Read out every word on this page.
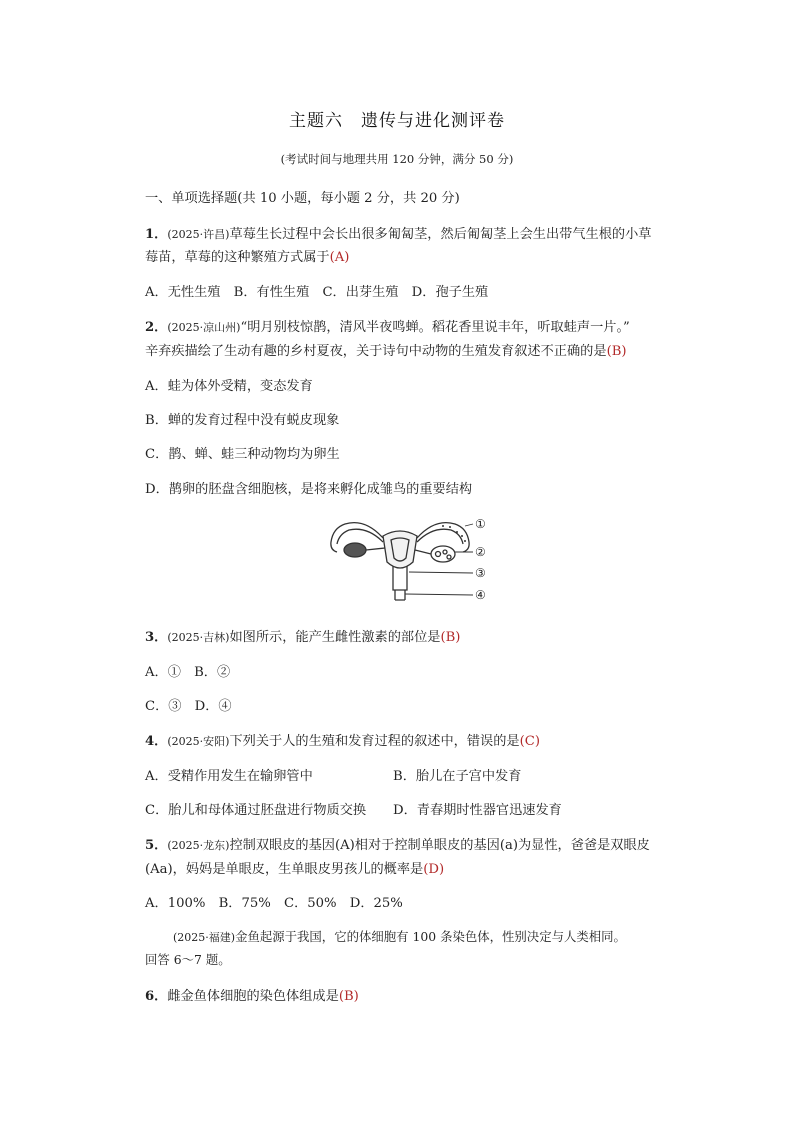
主题六　遗传与进化测评卷
(考试时间与地理共用 120 分钟，满分 50 分)
一、单项选择题(共 10 小题，每小题 2 分，共 20 分)
1．(2025·许昌)草莓生长过程中会长出很多匍匐茎，然后匍匐茎上会生出带气生根的小草
莓苗，草莓的这种繁殖方式属于(A)
A．无性生殖　B．有性生殖　C．出芽生殖　D．孢子生殖
2．(2025·凉山州)“明月别枝惊鹊，清风半夜鸣蝉。稻花香里说丰年，听取蛙声一片。”
辛弃疾描绘了生动有趣的乡村夏夜，关于诗句中动物的生殖发育叙述不正确的是(B)
A．蛙为体外受精，变态发育
B．蝉的发育过程中没有蜕皮现象
C．鹊、蝉、蛙三种动物均为卵生
D．鹊卵的胚盘含细胞核，是将来孵化成雏鸟的重要结构
①
②
③
④
3．(2025·吉林)如图所示，能产生雌性激素的部位是(B)
A．①　B．②
C．③　D．④
4．(2025·安阳)下列关于人的生殖和发育过程的叙述中，错误的是(C)
A．受精作用发生在输卵管中	B．胎儿在子宫中发育
C．胎儿和母体通过胚盘进行物质交换 D．青春期时性器官迅速发育
5．(2025·龙东)控制双眼皮的基因(A)相对于控制单眼皮的基因(a)为显性，爸爸是双眼皮
(Aa)，妈妈是单眼皮，生单眼皮男孩儿的概率是(D)
A．100%　B．75%　C．50%　D．25%
(2025·福建)金鱼起源于我国，它的体细胞有 100 条染色体，性别决定与人类相同。
回答 6～7 题。
6．雌金鱼体细胞的染色体组成是(B)
